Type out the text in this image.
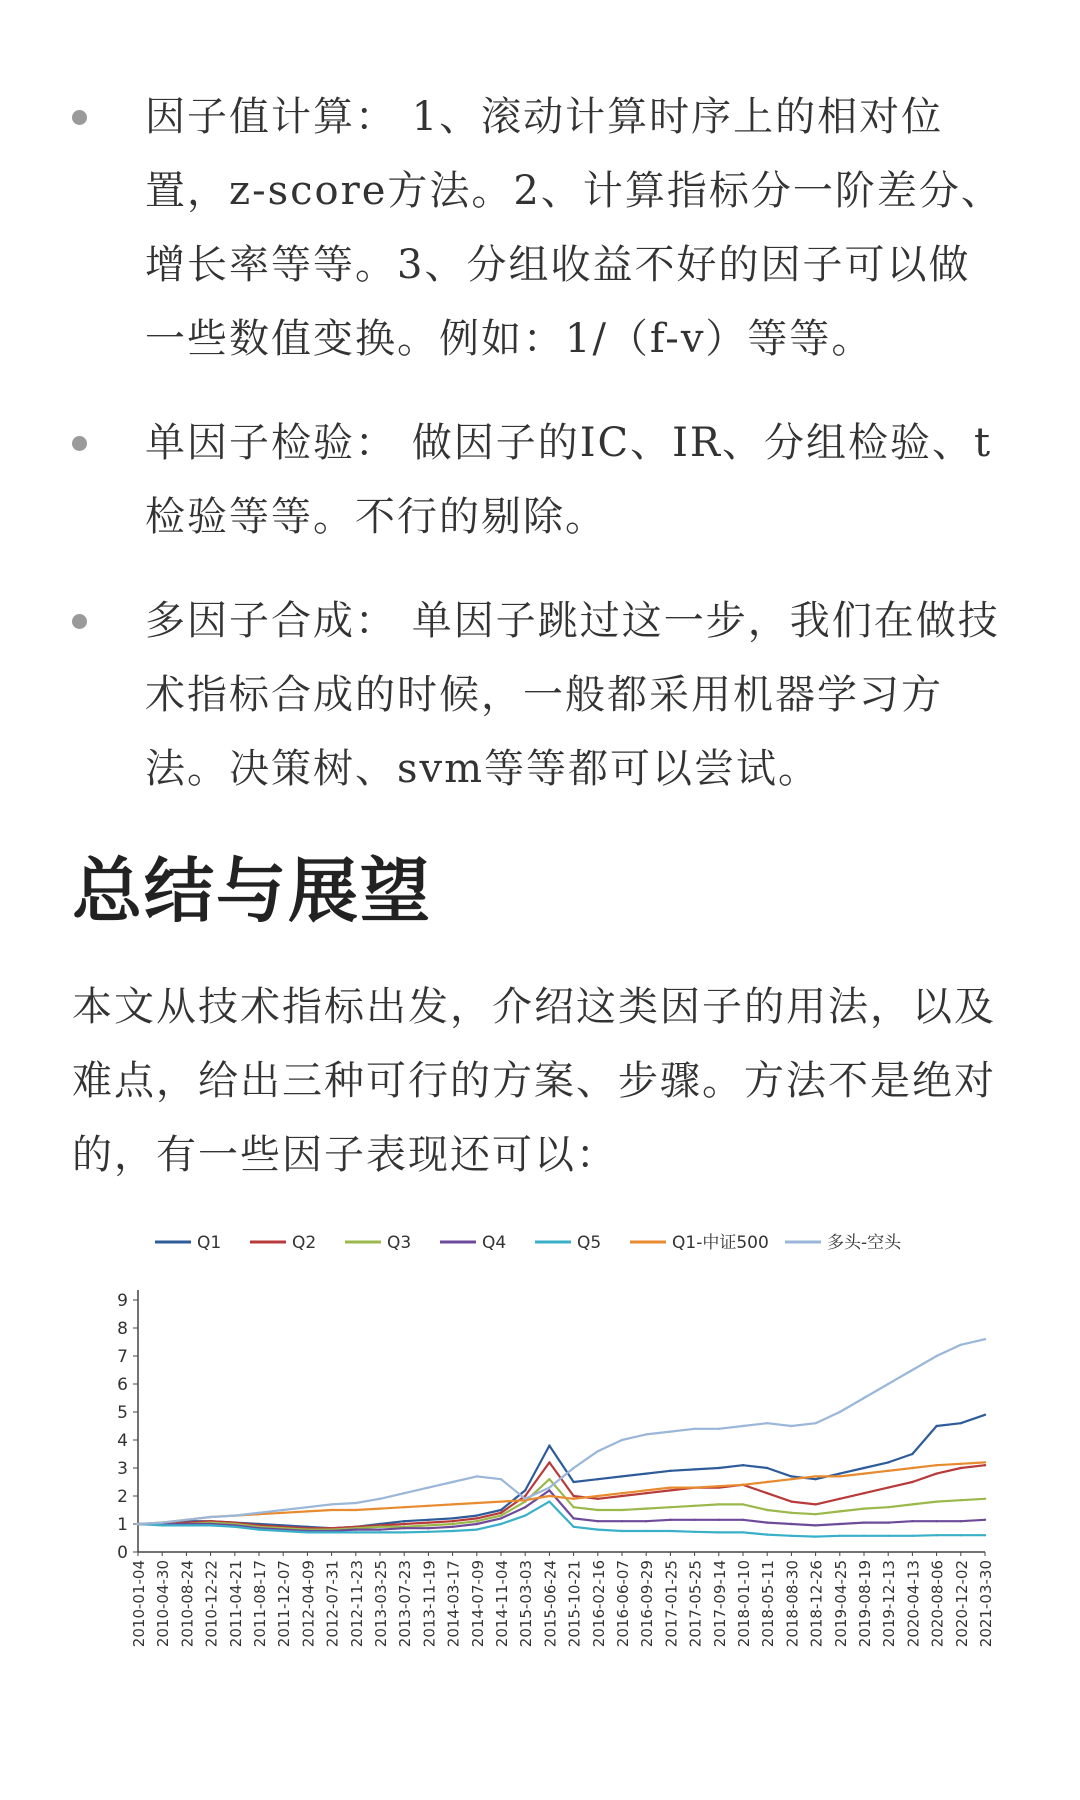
因子值计算： 1、滚动计算时序上的相对位置，z-score方法。2、计算指标分一阶差分、增长率等等。3、分组收益不好的因子可以做一些数值变换。例如：1/（f-v）等等。
单因子检验： 做因子的IC、IR、分组检验、t检验等等。不行的剔除。
多因子合成： 单因子跳过这一步，我们在做技术指标合成的时候，一般都采用机器学习方法。决策树、svm等等都可以尝试。
总结与展望

本文从技术指标出发，介绍这类因子的用法，以及难点，给出三种可行的方案、步骤。方法不是绝对的，有一些因子表现还可以：

Q1	Q2	Q3	Q4	Q5	Q1-中证500	多头-空头
0
1
2
3
4
5
6
7
8
9
2010-01-04 2010-04-30 2010-08-24 2010-12-22 2011-04-21 2011-08-17 2011-12-07 2012-04-09 2012-07-31 2012-11-23 2013-03-25 2013-07-23 2013-11-19 2014-03-17 2014-07-09 2014-11-04 2015-03-03 2015-06-24 2015-10-21 2016-02-16 2016-06-07 2016-09-29 2017-01-25 2017-05-25 2017-09-14 2018-01-10 2018-05-11 2018-08-30 2018-12-26 2019-04-25 2019-08-19 2019-12-13 2020-04-13 2020-08-06 2020-12-02 2021-03-30
